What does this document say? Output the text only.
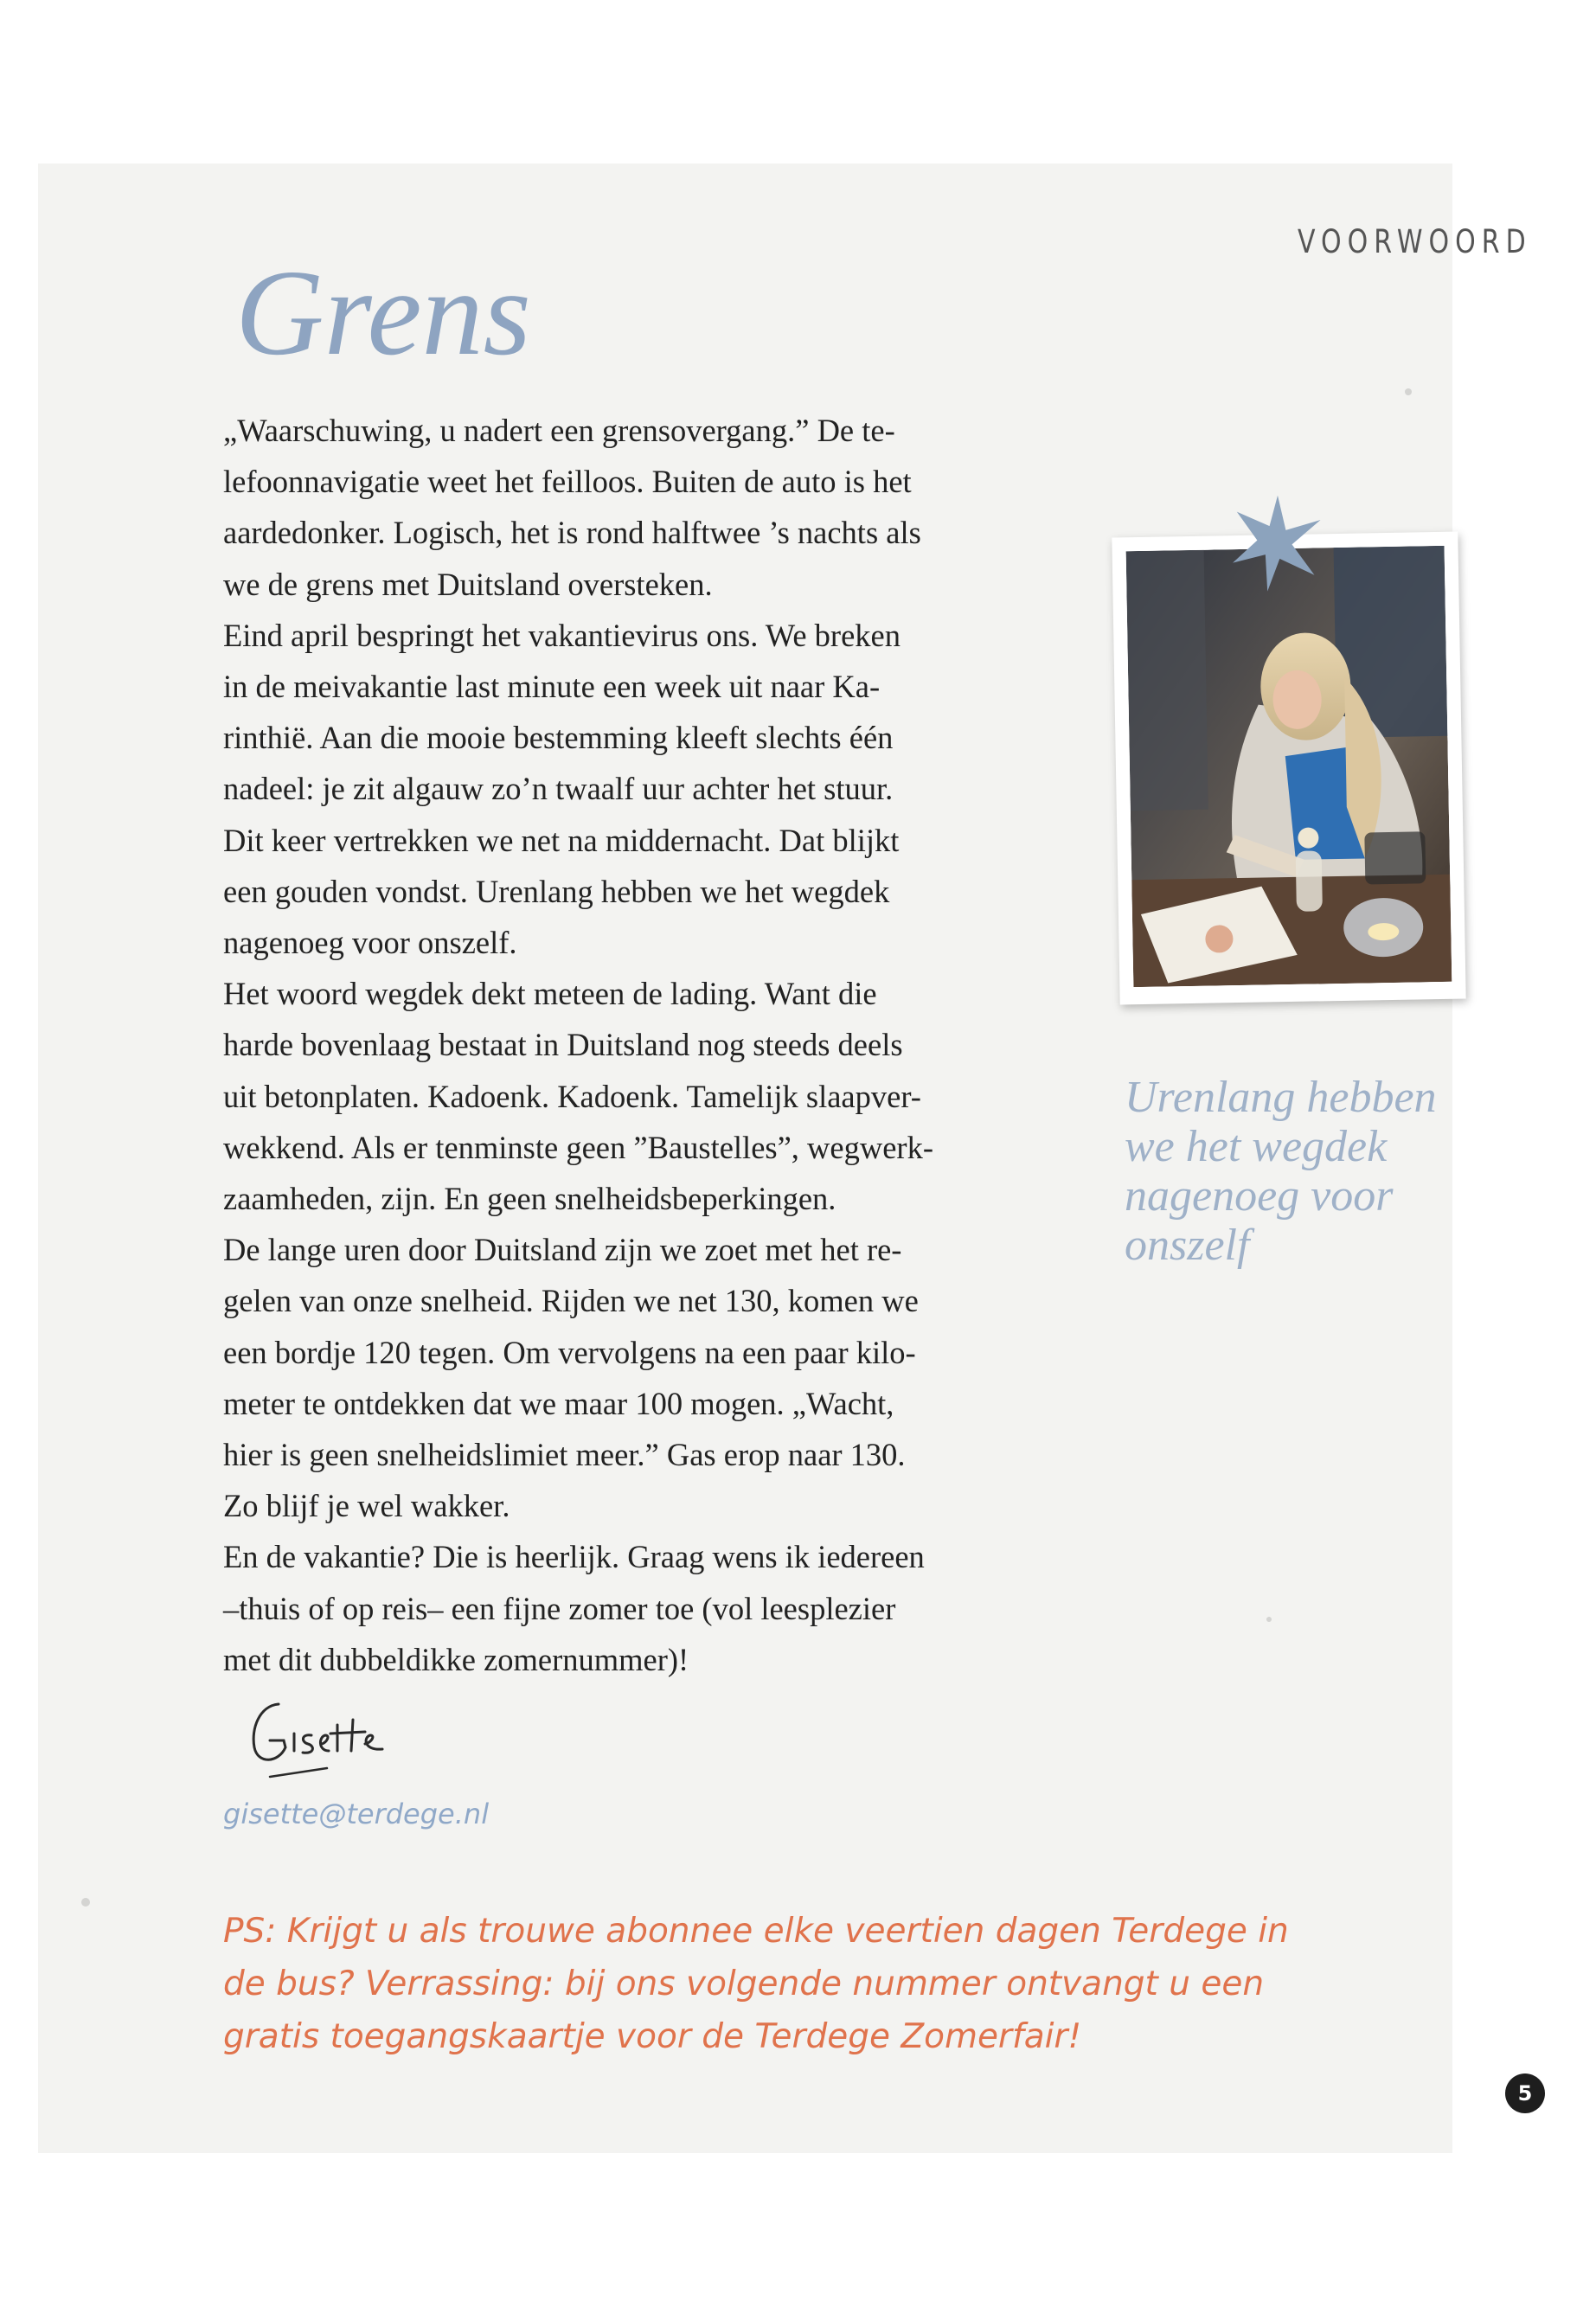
VOORWOORD
Grens
„Waarschuwing, u nadert een grensovergang.” De te-
lefoonnavigatie weet het feilloos. Buiten de auto is het
aardedonker. Logisch, het is rond halftwee ’s nachts als
we de grens met Duitsland oversteken.
Eind april bespringt het vakantievirus ons. We breken
in de meivakantie last minute een week uit naar Ka-
rinthië. Aan die mooie bestemming kleeft slechts één
nadeel: je zit algauw zo’n twaalf uur achter het stuur.
Dit keer vertrekken we net na middernacht. Dat blijkt
een gouden vondst. Urenlang hebben we het wegdek
nagenoeg voor onszelf.
Het woord wegdek dekt meteen de lading. Want die
harde bovenlaag bestaat in Duitsland nog steeds deels
uit betonplaten. Kadoenk. Kadoenk. Tamelijk slaapver-
wekkend. Als er tenminste geen ”Baustelles”, wegwerk-
zaamheden, zijn. En geen snelheidsbeperkingen.
De lange uren door Duitsland zijn we zoet met het re-
gelen van onze snelheid. Rijden we net 130, komen we
een bordje 120 tegen. Om vervolgens na een paar kilo-
meter te ontdekken dat we maar 100 mogen. „Wacht,
hier is geen snelheidslimiet meer.” Gas erop naar 130.
Zo blijf je wel wakker.
En de vakantie? Die is heerlijk. Graag wens ik iedereen
–thuis of op reis– een fijne zomer toe (vol leesplezier
met dit dubbeldikke zomernummer)!
Urenlang hebben
we het wegdek
nagenoeg voor
onszelf
gisette@terdege.nl
PS: Krijgt u als trouwe abonnee elke veertien dagen Terdege in
de bus? Verrassing: bij ons volgende nummer ontvangt u een
gratis toegangskaartje voor de Terdege Zomerfair!
5
